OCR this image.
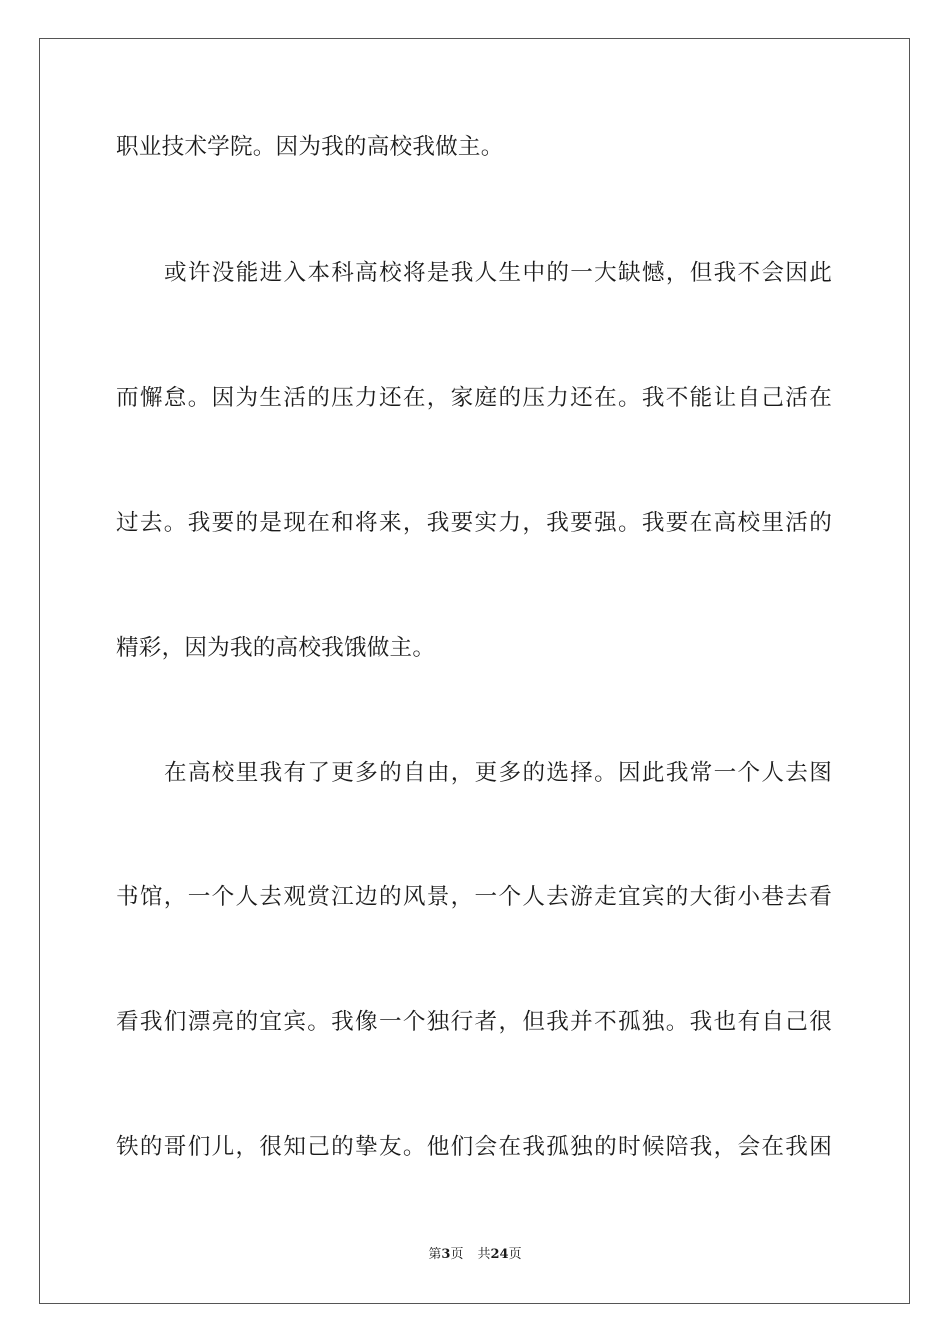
职业技术学院。因为我的高校我做主。
或许没能进入本科高校将是我人生中的一大缺憾，但我不会因此
而懈怠。因为生活的压力还在，家庭的压力还在。我不能让自己活在
过去。我要的是现在和将来，我要实力，我要强。我要在高校里活的
精彩，因为我的高校我饿做主。
在高校里我有了更多的自由，更多的选择。因此我常一个人去图
书馆，一个人去观赏江边的风景，一个人去游走宜宾的大街小巷去看
看我们漂亮的宜宾。我像一个独行者，但我并不孤独。我也有自己很
铁的哥们儿，很知己的挚友。他们会在我孤独的时候陪我，会在我困
第3页 共24页
